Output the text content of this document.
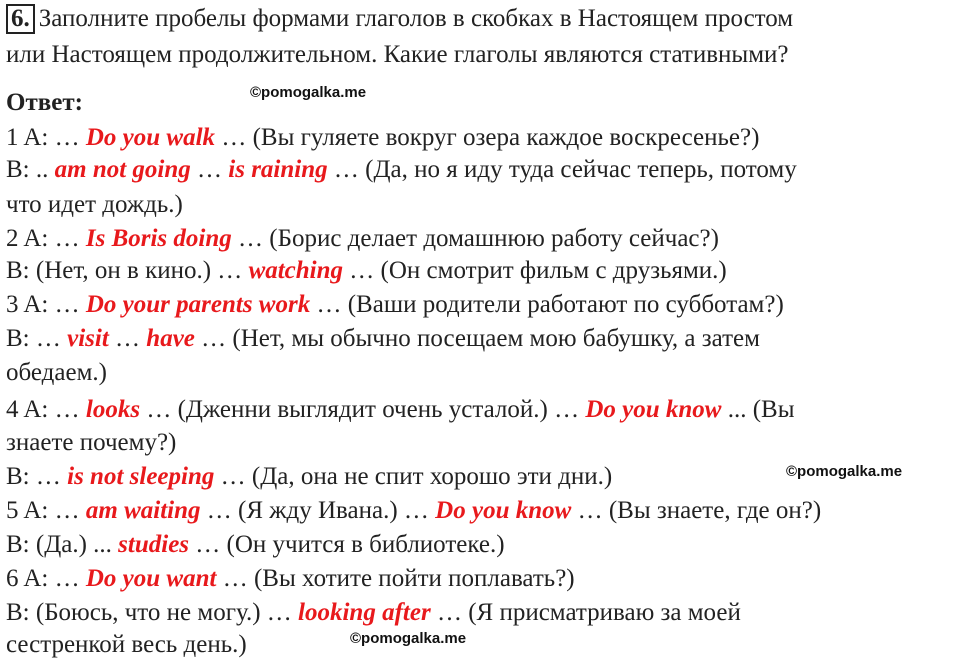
6. Заполните пробелы формами глаголов в скобках в Настоящем простом
или Настоящем продолжительном. Какие глаголы являются стативными?
Ответ:	©pomogalka.me
1 A: … Do you walk … (Вы гуляете вокруг озера каждое воскресенье?)
B: .. am not going … is raining … (Да, но я иду туда сейчас теперь, потому
что идет дождь.)
2 A: … Is Boris doing … (Борис делает домашнюю работу сейчас?)
B: (Нет, он в кино.) … watching … (Он смотрит фильм с друзьями.)
3 A: … Do your parents work … (Ваши родители работают по субботам?)
B: … visit … have … (Нет, мы обычно посещаем мою бабушку, а затем
обедаем.)
4 A: … looks … (Дженни выглядит очень усталой.) … Do you know ... (Вы
знаете почему?)
B: … is not sleeping … (Да, она не спит хорошо эти дни.)
5 A: … am waiting … (Я жду Ивана.) … Do you know … (Вы знаете, где он?)
B: (Да.) ... studies … (Он учится в библиотеке.)
6 A: … Do you want … (Вы хотите пойти поплавать?)
B: (Боюсь, что не могу.) … looking after … (Я присматриваю за моей
сестренкой весь день.)
©pomogalka.me
©pomogalka.me
